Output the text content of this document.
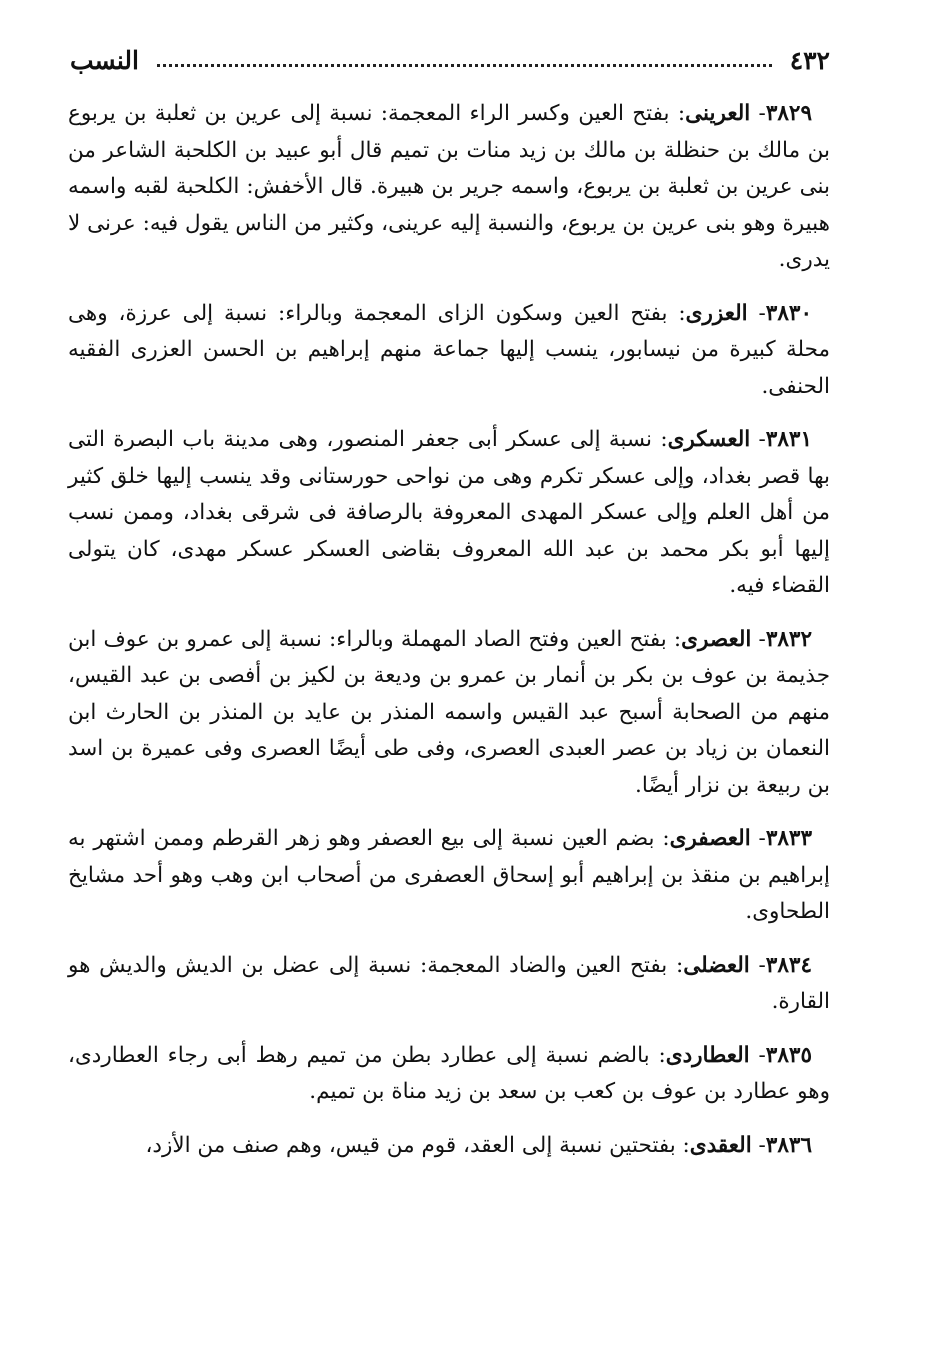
٤٣٢
النسب

٣٨٢٩- العرينى: بفتح العين وكسر الراء المعجمة: نسبة إلى عرين بن ثعلبة بن يربوع بن مالك بن حنظلة بن مالك بن زيد منات بن تميم قال أبو عبيد بن الكلحبة الشاعر من بنى عرين بن ثعلبة بن يربوع، واسمه جرير بن هبيرة. قال الأخفش: الكلحبة لقبه واسمه هبيرة وهو بنى عرين بن يربوع، والنسبة إليه عرينى، وكثير من الناس يقول فيه: عرنى لا يدرى.

٣٨٣٠- العزرى: بفتح العين وسكون الزاى المعجمة وبالراء: نسبة إلى عرزة، وهى محلة كبيرة من نيسابور، ينسب إليها جماعة منهم إبراهيم بن الحسن العزرى الفقيه الحنفى.

٣٨٣١- العسكرى: نسبة إلى عسكر أبى جعفر المنصور، وهى مدينة باب البصرة التى بها قصر بغداد، وإلى عسكر تكرم وهى من نواحى حورستانى وقد ينسب إليها خلق كثير من أهل العلم وإلى عسكر المهدى المعروفة بالرصافة فى شرقى بغداد، وممن نسب إليها أبو بكر محمد بن عبد الله المعروف بقاضى العسكر عسكر مهدى، كان يتولى القضاء فيه.

٣٨٣٢- العصرى: بفتح العين وفتح الصاد المهملة وبالراء: نسبة إلى عمرو بن عوف ابن جذيمة بن عوف بن بكر بن أنمار بن عمرو بن وديعة بن لكيز بن أفصى بن عبد القيس، منهم من الصحابة أسبح عبد القيس واسمه المنذر بن عايد بن المنذر بن الحارث ابن النعمان بن زياد بن عصر العبدى العصرى، وفى طى أيضًا العصرى وفى عميرة بن اسد بن ربيعة بن نزار أيضًا.

٣٨٣٣- العصفرى: بضم العين نسبة إلى بيع العصفر وهو زهر القرطم وممن اشتهر به إبراهيم بن منقذ بن إبراهيم أبو إسحاق العصفرى من أصحاب ابن وهب وهو أحد مشايخ الطحاوى.

٣٨٣٤- العضلى: بفتح العين والضاد المعجمة: نسبة إلى عضل بن الديش والديش هو القارة.

٣٨٣٥- العطاردى: بالضم نسبة إلى عطارد بطن من تميم رهط أبى رجاء العطاردى، وهو عطارد بن عوف بن كعب بن سعد بن زيد مناة بن تميم.

٣٨٣٦- العقدى: بفتحتين نسبة إلى العقد، قوم من قيس، وهم صنف من الأزد،
